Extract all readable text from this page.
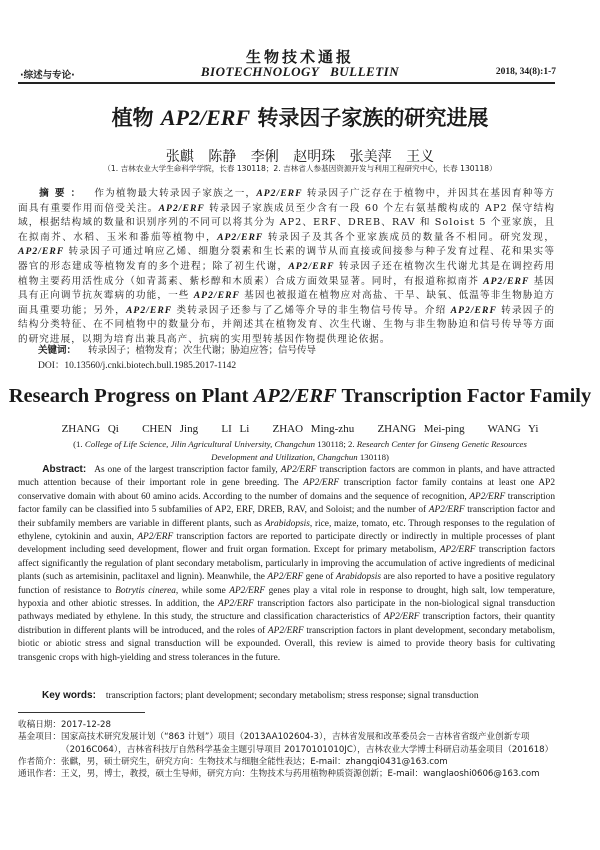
生物技术通报
·综述与专论·	BIOTECHNOLOGY   BULLETIN	2018, 34(8):1-7
植物 AP2/ERF 转录因子家族的研究进展
张麒 陈静 李俐 赵明珠 张美萍 王义
（1. 吉林农业大学生命科学学院，长春 130118；2. 吉林省人参基因资源开发与利用工程研究中心，长春 130118）
摘要： 作为植物最大转录因子家族之一，AP2/ERF 转录因子广泛存在于植物中，并因其在基因育种等方面具有重要作用而倍受关注。AP2/ERF 转录因子家族成员至少含有一段 60 个左右氨基酸构成的 AP2 保守结构域，根据结构域的数量和识别序列的不同可以将其分为 AP2、ERF、DREB、RAV 和 Soloist 5 个亚家族，且在拟南芥、水稻、玉米和番茄等植物中，AP2/ERF 转录因子及其各个亚家族成员的数量各不相同。研究发现，AP2/ERF 转录因子可通过响应乙烯、细胞分裂素和生长素的调节从而直接或间接参与种子发育过程、花和果实等器官的形态建成等植物发育的多个进程；除了初生代谢，AP2/ERF 转录因子还在植物次生代谢尤其是在调控药用植物主要药用活性成分（如青蒿素、紫杉醇和木质素）合成方面效果显著。同时，有报道称拟南芥 AP2/ERF 基因具有正向调节抗灰霉病的功能，一些 AP2/ERF 基因也被报道在植物应对高盐、干旱、缺氧、低温等非生物胁迫方面具重要功能；另外，AP2/ERF 类转录因子还参与了乙烯等介导的非生物信号传导。介绍 AP2/ERF 转录因子的结构分类特征、在不同植物中的数量分布，并阐述其在植物发育、次生代谢、生物与非生物胁迫和信号传导等方面的研究进展，以期为培育出兼具高产、抗病的实用型转基因作物提供理论依据。
关键词： 转录因子；植物发育；次生代谢；胁迫应答；信号传导
DOI：10.13560/j.cnki.biotech.bull.1985.2017-1142
Research Progress on Plant AP2/ERF Transcription Factor Family
ZHANG Qi   CHEN Jing   LI Li   ZHAO Ming-zhu   ZHANG Mei-ping   WANG Yi
(1. College of Life Science, Jilin Agricultural University, Changchun 130118; 2. Research Center for Ginseng Genetic Resources Development and Utilization, Changchun 130118)
Abstract: As one of the largest transcription factor family, AP2/ERF transcription factors are common in plants, and have attracted much attention because of their important role in gene breeding. The AP2/ERF transcription factor family contains at least one AP2 conservative domain with about 60 amino acids. According to the number of domains and the sequence of recognition, AP2/ERF transcription factor family can be classified into 5 subfamilies of AP2, ERF, DREB, RAV, and Soloist; and the number of AP2/ERF transcription factor and their subfamily members are variable in different plants, such as Arabidopsis, rice, maize, tomato, etc. Through responses to the regulation of ethylene, cytokinin and auxin, AP2/ERF transcription factors are reported to participate directly or indirectly in multiple processes of plant development including seed development, flower and fruit organ formation. Except for primary metabolism, AP2/ERF transcription factors affect significantly the regulation of plant secondary metabolism, particularly in improving the accumulation of active ingredients of medicinal plants (such as artemisinin, paclitaxel and lignin). Meanwhile, the AP2/ERF gene of Arabidopsis are also reported to have a positive regulatory function of resistance to Botrytis cinerea, while some AP2/ERF genes play a vital role in response to drought, high salt, low temperature, hypoxia and other abiotic stresses. In addition, the AP2/ERF transcription factors also participate in the non-biological signal transduction pathways mediated by ethylene. In this study, the structure and classification characteristics of AP2/ERF transcription factors, their quantity distribution in different plants will be introduced, and the roles of AP2/ERF transcription factors in plant development, secondary metabolism, biotic or abiotic stress and signal transduction will be expounded. Overall, this review is aimed to provide theory basis for cultivating transgenic crops with high-yielding and stress tolerances in the future.
Key words: transcription factors; plant development; secondary metabolism; stress response; signal transduction
收稿日期： 2017-12-28
基金项目： 国家高技术研究发展计划（“863 计划”）项目（2013AA102604-3），吉林省发展和改革委员会－吉林省省级产业创新专项（2016C064），吉林省科技厅自然科学基金主题引导项目 20170101010JC），吉林农业大学博士科研启动基金项目（201618）
作者简介： 张麒，男，硕士研究生，研究方向：生物技术与细胞全能性表达；E-mail：zhangqi0431@163.com
通讯作者： 王义，男，博士，教授，硕士生导师，研究方向：生物技术与药用植物种质资源创新；E-mail：wanglaoshi0606@163.com
